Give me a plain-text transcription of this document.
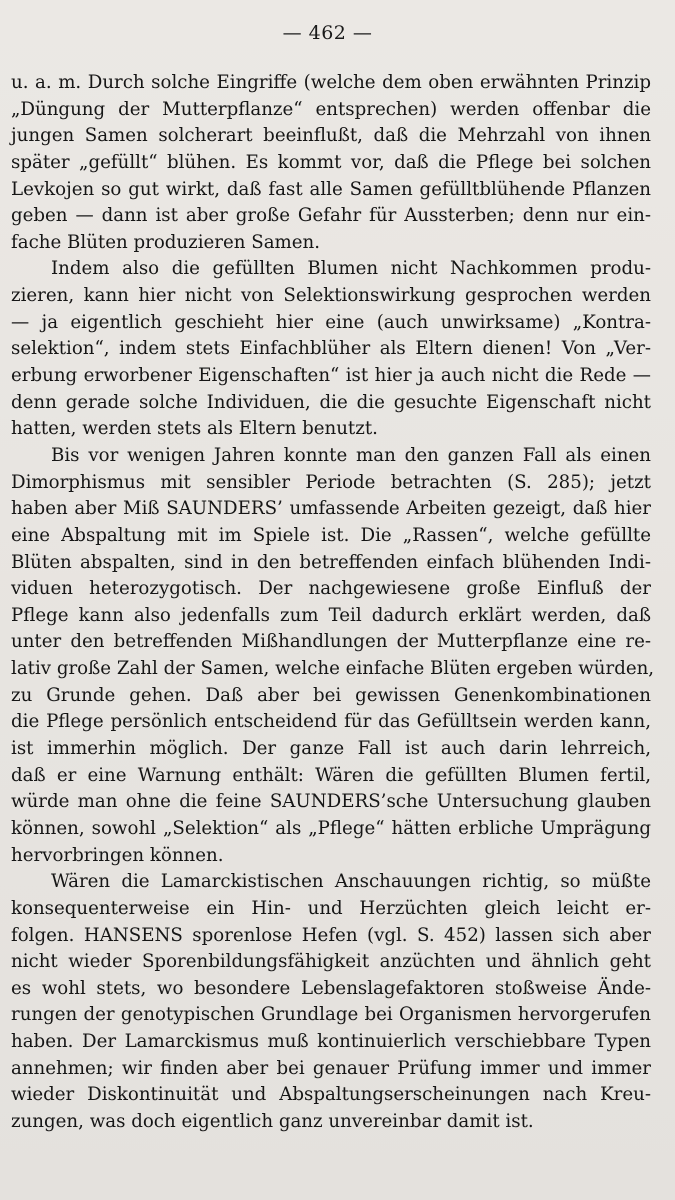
— 462 —
u. a. m. Durch solche Eingriffe (welche dem oben erwähnten Prinzip
„Düngung der Mutterpflanze“ entsprechen) werden offenbar die
jungen Samen solcherart beeinflußt, daß die Mehrzahl von ihnen
später „gefüllt“ blühen. Es kommt vor, daß die Pflege bei solchen
Levkojen so gut wirkt, daß fast alle Samen gefülltblühende Pflanzen
geben — dann ist aber große Gefahr für Aussterben; denn nur ein-
fache Blüten produzieren Samen.
Indem also die gefüllten Blumen nicht Nachkommen produ-
zieren, kann hier nicht von Selektionswirkung gesprochen werden
— ja eigentlich geschieht hier eine (auch unwirksame) „Kontra-
selektion“, indem stets Einfachblüher als Eltern dienen! Von „Ver-
erbung erworbener Eigenschaften“ ist hier ja auch nicht die Rede —
denn gerade solche Individuen, die die gesuchte Eigenschaft nicht
hatten, werden stets als Eltern benutzt.
Bis vor wenigen Jahren konnte man den ganzen Fall als einen
Dimorphismus mit sensibler Periode betrachten (S. 285); jetzt
haben aber Miß SAUNDERS’ umfassende Arbeiten gezeigt, daß hier
eine Abspaltung mit im Spiele ist. Die „Rassen“, welche gefüllte
Blüten abspalten, sind in den betreffenden einfach blühenden Indi-
viduen heterozygotisch. Der nachgewiesene große Einfluß der
Pflege kann also jedenfalls zum Teil dadurch erklärt werden, daß
unter den betreffenden Mißhandlungen der Mutterpflanze eine re-
lativ große Zahl der Samen, welche einfache Blüten ergeben würden,
zu Grunde gehen. Daß aber bei gewissen Genenkombinationen
die Pflege persönlich entscheidend für das Gefülltsein werden kann,
ist immerhin möglich. Der ganze Fall ist auch darin lehrreich,
daß er eine Warnung enthält: Wären die gefüllten Blumen fertil,
würde man ohne die feine SAUNDERS’sche Untersuchung glauben
können, sowohl „Selektion“ als „Pflege“ hätten erbliche Umprägung
hervorbringen können.
Wären die Lamarckistischen Anschauungen richtig, so müßte
konsequenterweise ein Hin- und Herzüchten gleich leicht er-
folgen. HANSENS sporenlose Hefen (vgl. S. 452) lassen sich aber
nicht wieder Sporenbildungsfähigkeit anzüchten und ähnlich geht
es wohl stets, wo besondere Lebenslagefaktoren stoßweise Ände-
rungen der genotypischen Grundlage bei Organismen hervorgerufen
haben. Der Lamarckismus muß kontinuierlich verschiebbare Typen
annehmen; wir finden aber bei genauer Prüfung immer und immer
wieder Diskontinuität und Abspaltungserscheinungen nach Kreu-
zungen, was doch eigentlich ganz unvereinbar damit ist.
